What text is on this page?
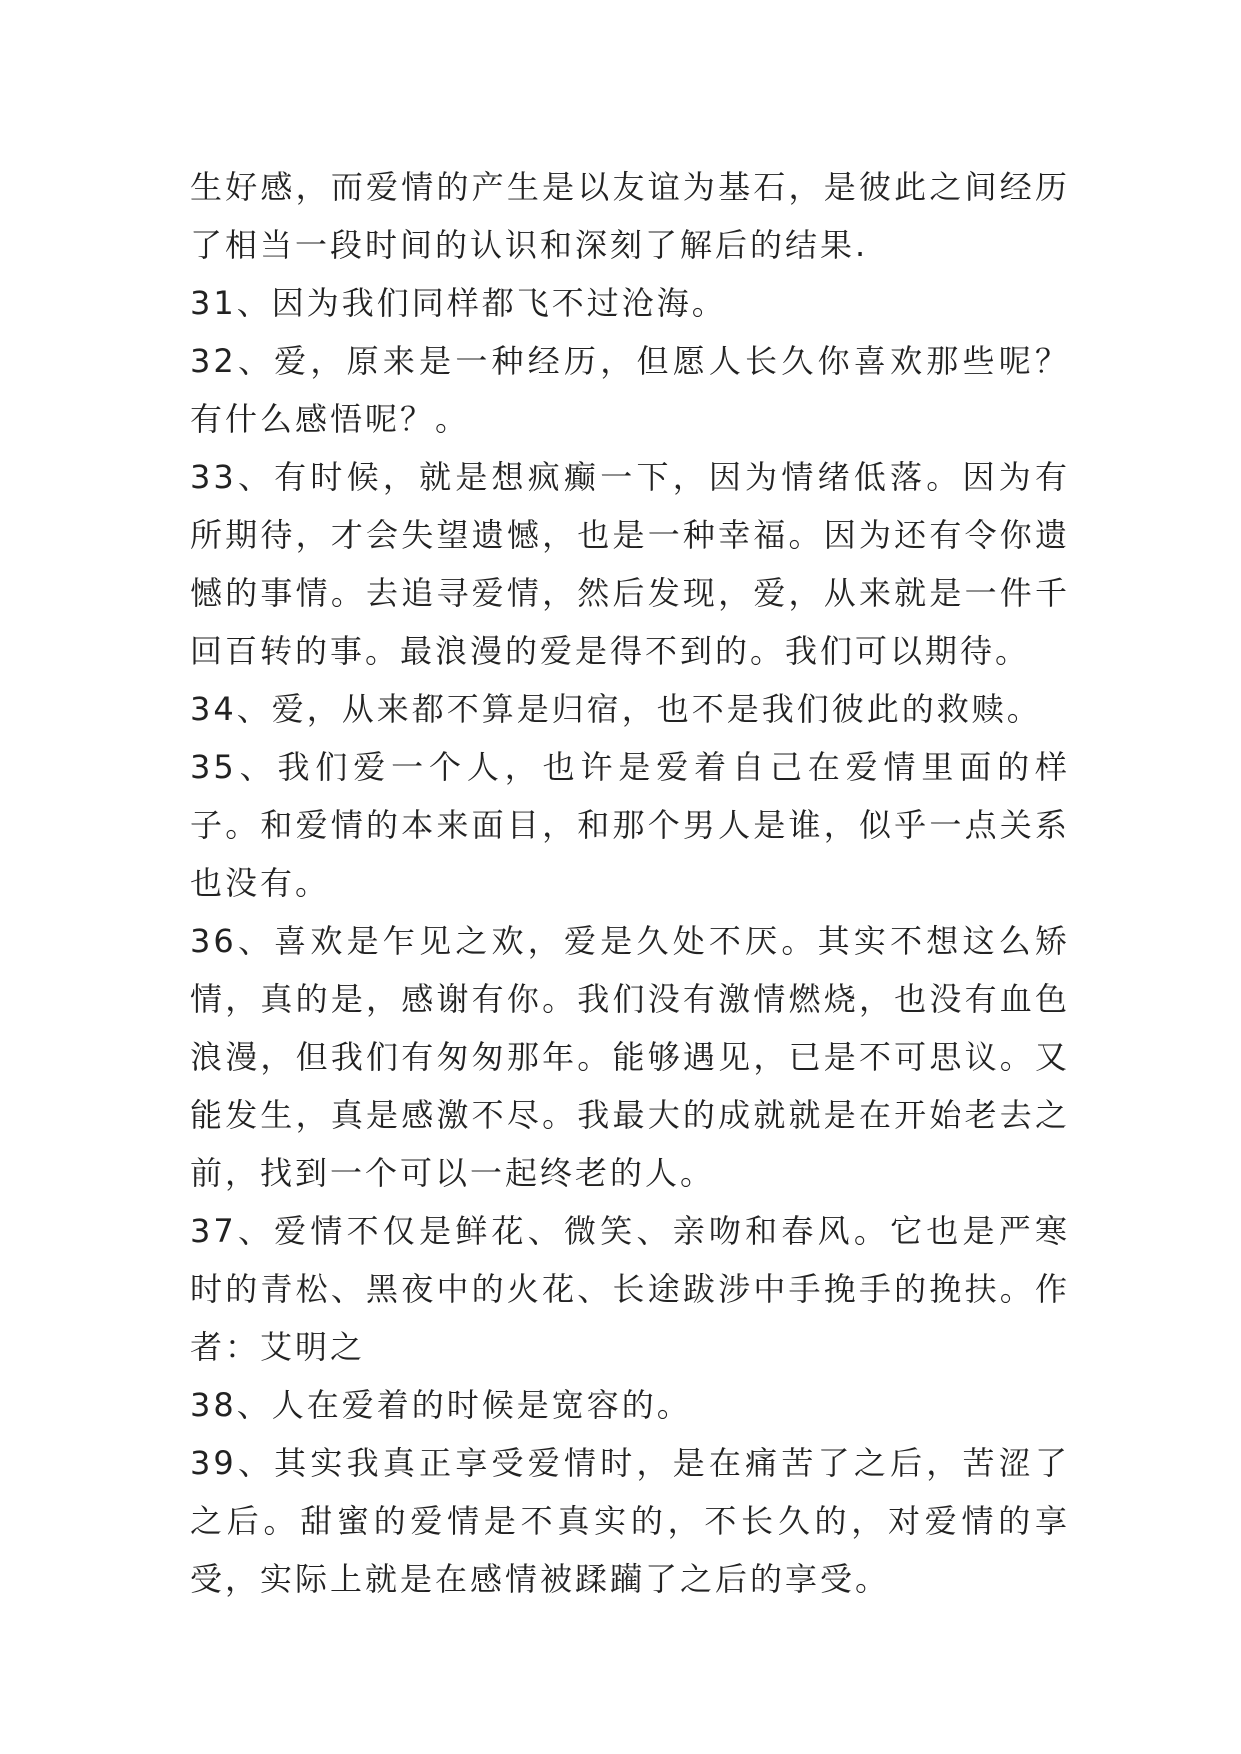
生好感，而爱情的产生是以友谊为基石，是彼此之间经历了相当一段时间的认识和深刻了解后的结果.

31、因为我们同样都飞不过沧海。

32、爱，原来是一种经历，但愿人长久你喜欢那些呢？有什么感悟呢？。

33、有时候，就是想疯癫一下，因为情绪低落。因为有所期待，才会失望遗憾，也是一种幸福。因为还有令你遗憾的事情。去追寻爱情，然后发现，爱，从来就是一件千回百转的事。最浪漫的爱是得不到的。我们可以期待。

34、爱，从来都不算是归宿，也不是我们彼此的救赎。

35、我们爱一个人，也许是爱着自己在爱情里面的样子。和爱情的本来面目，和那个男人是谁，似乎一点关系也没有。

36、喜欢是乍见之欢，爱是久处不厌。其实不想这么矫情，真的是，感谢有你。我们没有激情燃烧，也没有血色浪漫，但我们有匆匆那年。能够遇见，已是不可思议。又能发生，真是感激不尽。我最大的成就就是在开始老去之前，找到一个可以一起终老的人。

37、爱情不仅是鲜花、微笑、亲吻和春风。它也是严寒时的青松、黑夜中的火花、长途跋涉中手挽手的挽扶。作者：艾明之

38、人在爱着的时候是宽容的。

39、其实我真正享受爱情时，是在痛苦了之后，苦涩了之后。甜蜜的爱情是不真实的，不长久的，对爱情的享受，实际上就是在感情被蹂躏了之后的享受。
